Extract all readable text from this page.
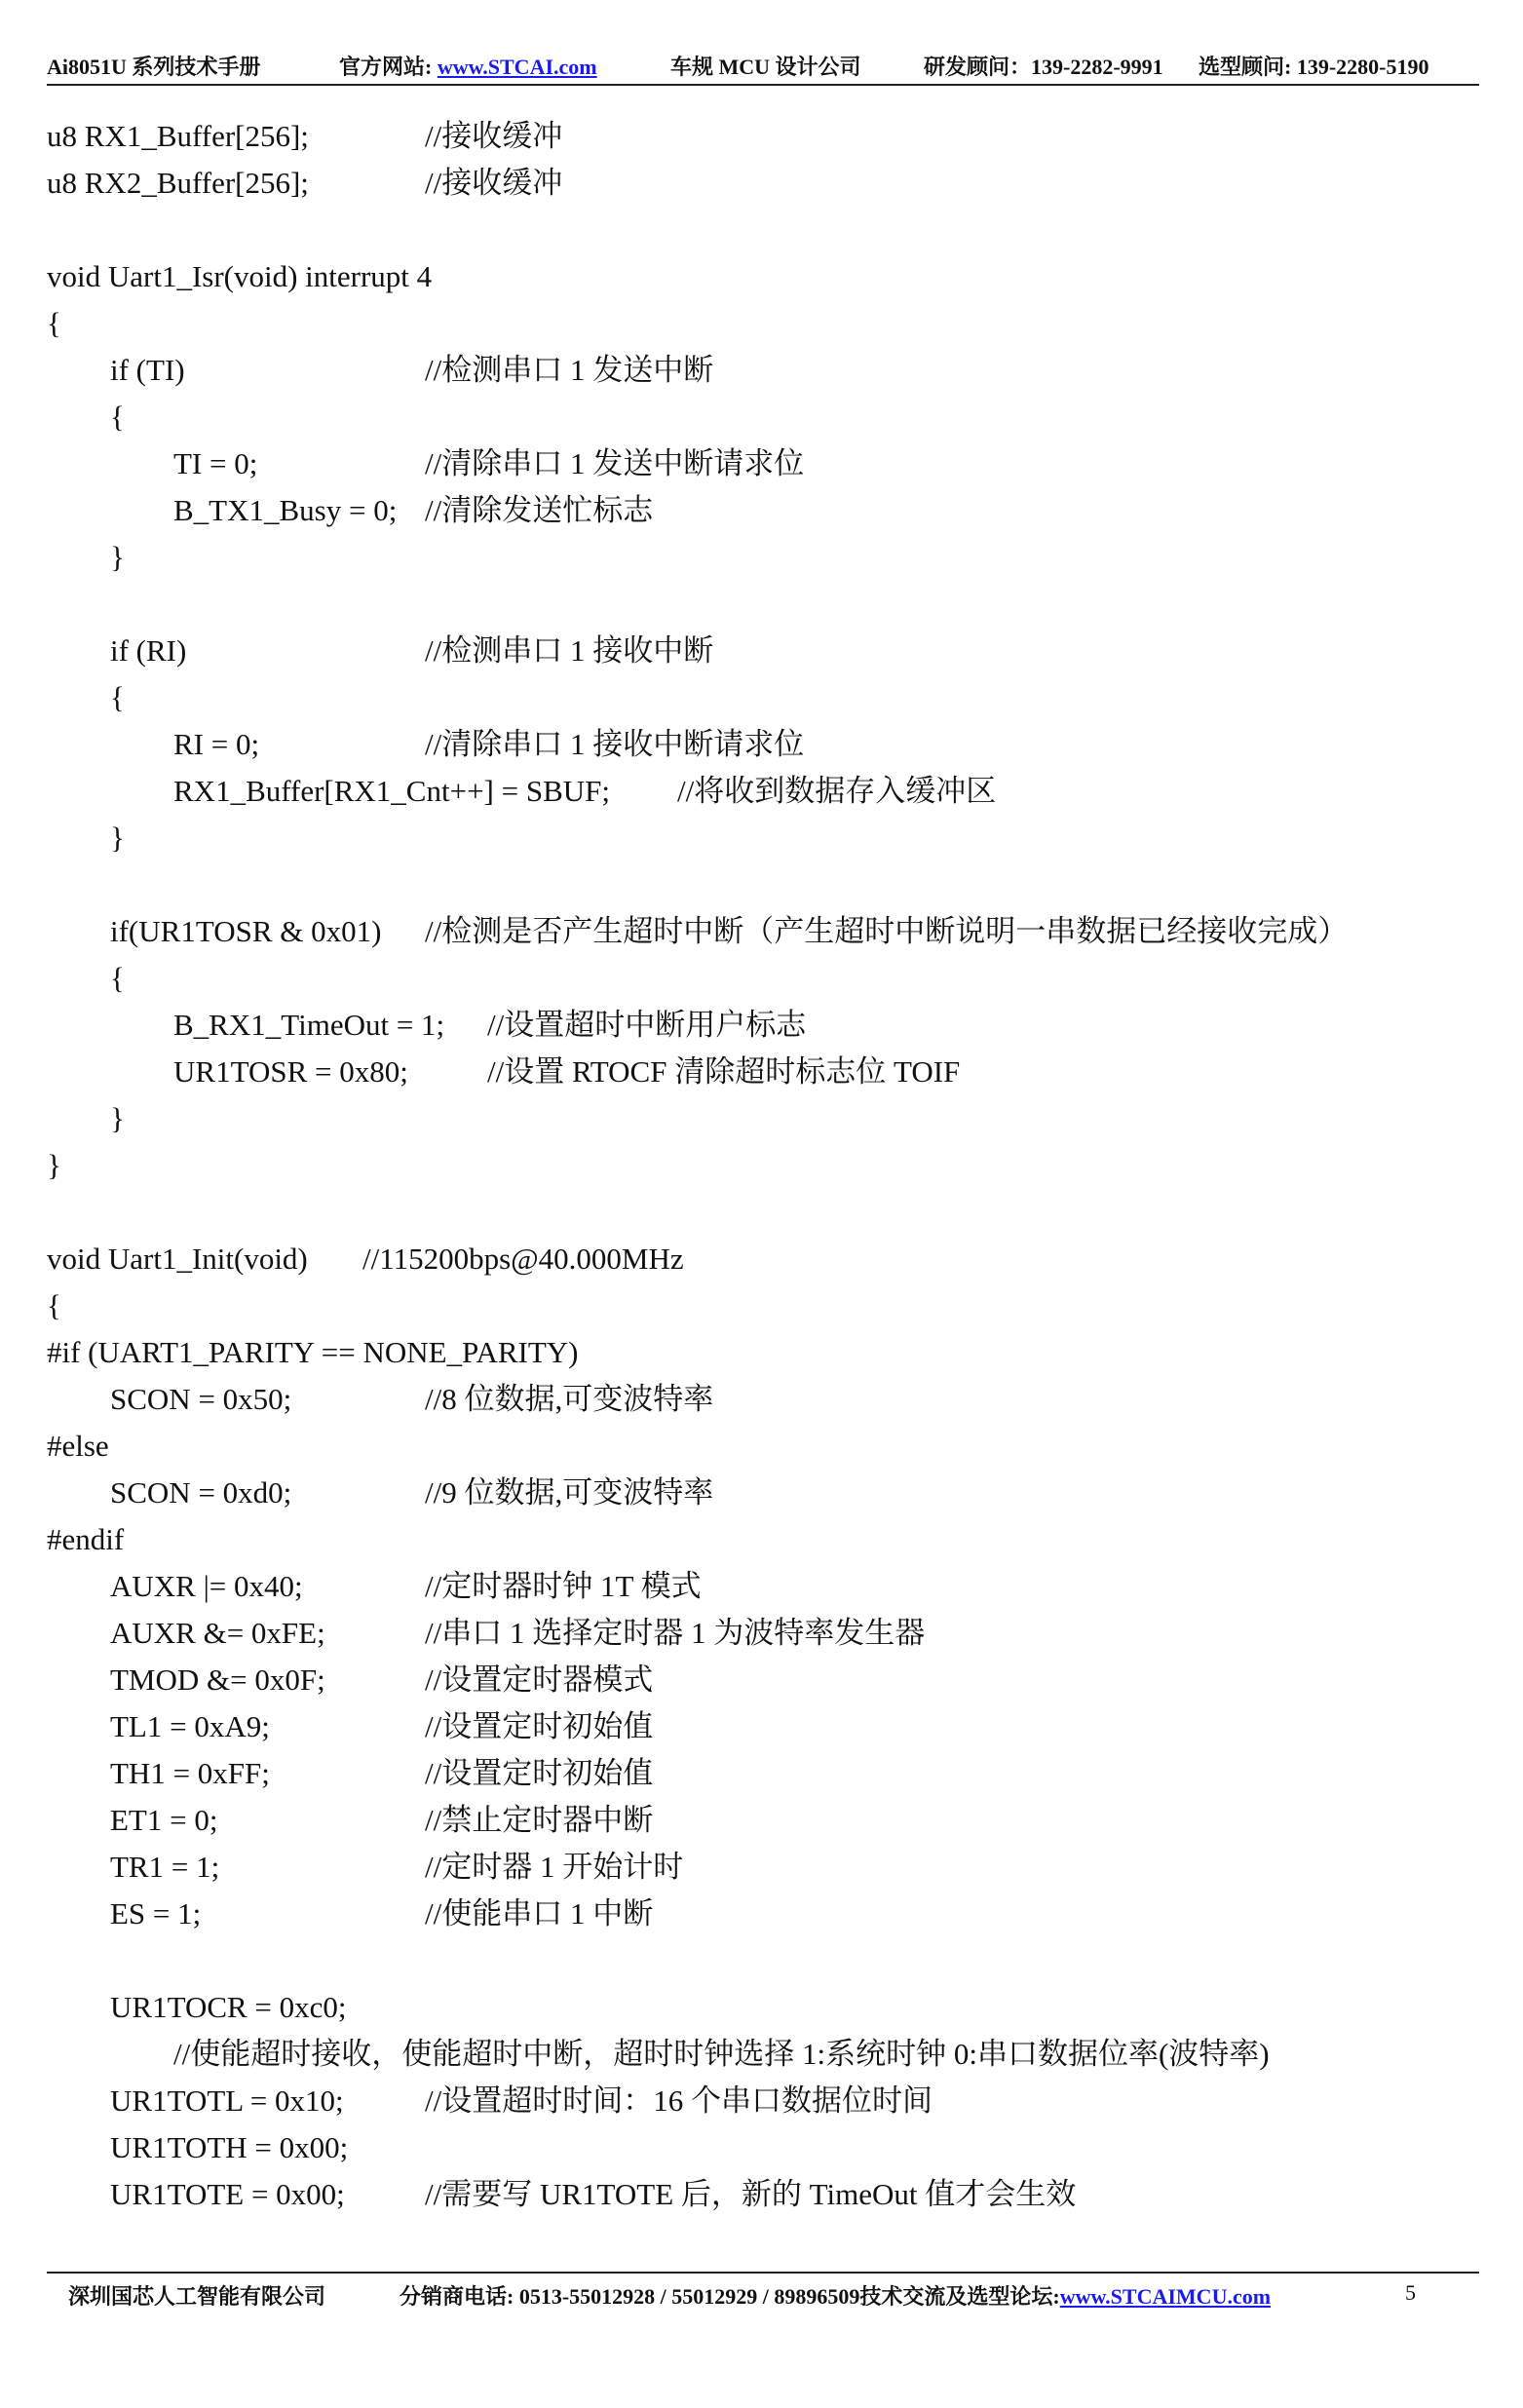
Ai8051U 系列技术手册	官方网站: www.STCAI.com	车规 MCU 设计公司	研发顾问：139-2282-9991 选型顾问: 139-2280-5190
u8 RX1_Buffer[256];	//接收缓冲
u8 RX2_Buffer[256];	//接收缓冲
void Uart1_Isr(void) interrupt 4
{
if (TI)	//检测串口 1 发送中断
{
TI = 0;	//清除串口 1 发送中断请求位
B_TX1_Busy = 0; //清除发送忙标志
}
if (RI)	//检测串口 1 接收中断
{
RI = 0;	//清除串口 1 接收中断请求位
RX1_Buffer[RX1_Cnt++] = SBUF; //将收到数据存入缓冲区
}
if(UR1TOSR & 0x01) //检测是否产生超时中断（产生超时中断说明一串数据已经接收完成）
{
B_RX1_TimeOut = 1; //设置超时中断用户标志
UR1TOSR = 0x80;	//设置 RTOCF 清除超时标志位 TOIF
}
}
void Uart1_Init(void) //115200bps@40.000MHz
{
#if (UART1_PARITY == NONE_PARITY)
SCON = 0x50;	//8 位数据,可变波特率
#else
SCON = 0xd0;	//9 位数据,可变波特率
#endif
AUXR |= 0x40;	//定时器时钟 1T 模式
AUXR &= 0xFE;	//串口 1 选择定时器 1 为波特率发生器
TMOD &= 0x0F;	//设置定时器模式
TL1 = 0xA9;	//设置定时初始值
TH1 = 0xFF;	//设置定时初始值
ET1 = 0;	//禁止定时器中断
TR1 = 1;	//定时器 1 开始计时
ES = 1;	//使能串口 1 中断
UR1TOCR = 0xc0;
//使能超时接收，使能超时中断，超时时钟选择 1:系统时钟 0:串口数据位率(波特率)
UR1TOTL = 0x10;	//设置超时时间：16 个串口数据位时间
UR1TOTH = 0x00;
UR1TOTE = 0x00;	//需要写 UR1TOTE 后，新的 TimeOut 值才会生效
深圳国芯人工智能有限公司	分销商电话: 0513-55012928 / 55012929 / 89896509技术交流及选型论坛:www.STCAIMCU.com	5
